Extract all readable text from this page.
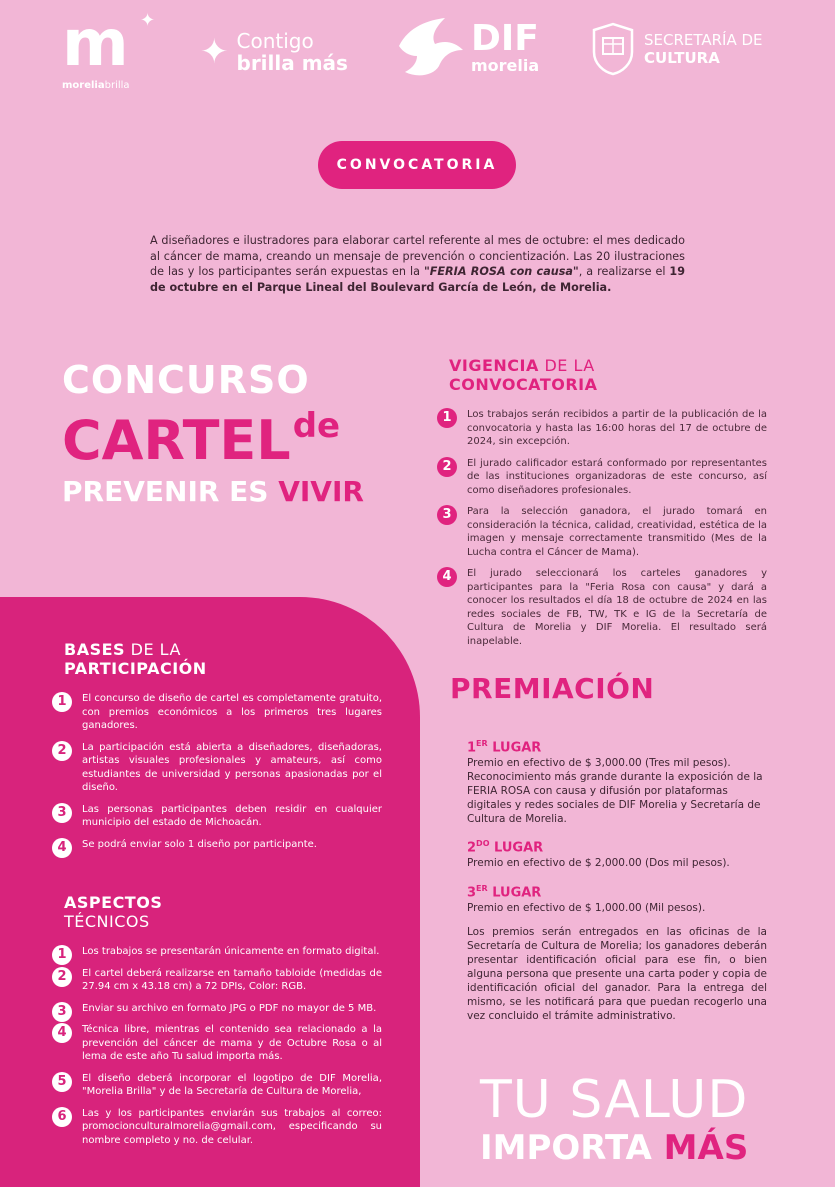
m ✦
moreliabrilla
✦ Contigo
brilla más
DIF
morelia
SECRETARÍA DE
CULTURA
CONVOCATORIA

A diseñadores e ilustradores para elaborar cartel referente al mes de octubre: el mes dedicado al cáncer de mama, creando un mensaje de prevención o concientización. Las 20 ilustraciones de las y los participantes serán expuestas en la "FERIA ROSA con causa", a realizarse el 19 de octubre en el Parque Lineal del Boulevard García de León, de Morelia.

CONCURSO
$CARTEL^{de}$
PREVENIR ES VIVIR
VIGENCIA DE LA
CONVOCATORIA
1	Los trabajos serán recibidos a partir de la publicación de la convocatoria y hasta las 16:00 horas del 17 de octubre de 2024, sin excepción.
2	El jurado calificador estará conformado por representantes de las instituciones organizadoras de este concurso, así como diseñadores profesionales.
3	Para la selección ganadora, el jurado tomará en consideración la técnica, calidad, creatividad, estética de la imagen y mensaje correctamente transmitido (Mes de la Lucha contra el Cáncer de Mama).
4	El jurado seleccionará los carteles ganadores y participantes para la "Feria Rosa con causa" y dará a conocer los resultados el día 18 de octubre de 2024 en las redes sociales de FB, TW, TK e IG de la Secretaría de Cultura de Morelia y DIF Morelia. El resultado será inapelable.
BASES DE LA
PARTICIPACIÓN
1	El concurso de diseño de cartel es completamente gratuito, con premios económicos a los primeros tres lugares ganadores.
2	La participación está abierta a diseñadores, diseñadoras, artistas visuales profesionales y amateurs, así como estudiantes de universidad y personas apasionadas por el diseño.
3	Las personas participantes deben residir en cualquier municipio del estado de Michoacán.
4	Se podrá enviar solo 1 diseño por participante.
ASPECTOS
TÉCNICOS
1	Los trabajos se presentarán únicamente en formato digital.
2	El cartel deberá realizarse en tamaño tabloide (medidas de 27.94 cm x 43.18 cm) a 72 DPIs, Color: RGB.
3	Enviar su archivo en formato JPG o PDF no mayor de 5 MB.
4	Técnica libre, mientras el contenido sea relacionado a la prevención del cáncer de mama y de Octubre Rosa o al lema de este año Tu salud importa más.
5	El diseño deberá incorporar el logotipo de DIF Morelia, "Morelia Brilla" y de la Secretaría de Cultura de Morelia,
6	Las y los participantes enviarán sus trabajos al correo: promocionculturalmorelia@gmail.com, especificando su nombre completo y no. de celular.
PREMIACIÓN
1ER LUGAR
Premio en efectivo de $ 3,000.00 (Tres mil pesos). Reconocimiento más grande durante la exposición de la FERIA ROSA con causa y difusión por plataformas digitales y redes sociales de DIF Morelia y Secretaría de Cultura de Morelia.
$2^{DO}$ LUGAR
Premio en efectivo de $ 2,000.00 (Dos mil pesos).
3ER LUGAR
Premio en efectivo de $ 1,000.00 (Mil pesos).

Los premios serán entregados en las oficinas de la Secretaría de Cultura de Morelia; los ganadores deberán presentar identificación oficial para ese fin, o bien alguna persona que presente una carta poder y copia de identificación oficial del ganador. Para la entrega del mismo, se les notificará para que puedan recogerlo una vez concluido el trámite administrativo.

TU SALUD
IMPORTA MÁS
